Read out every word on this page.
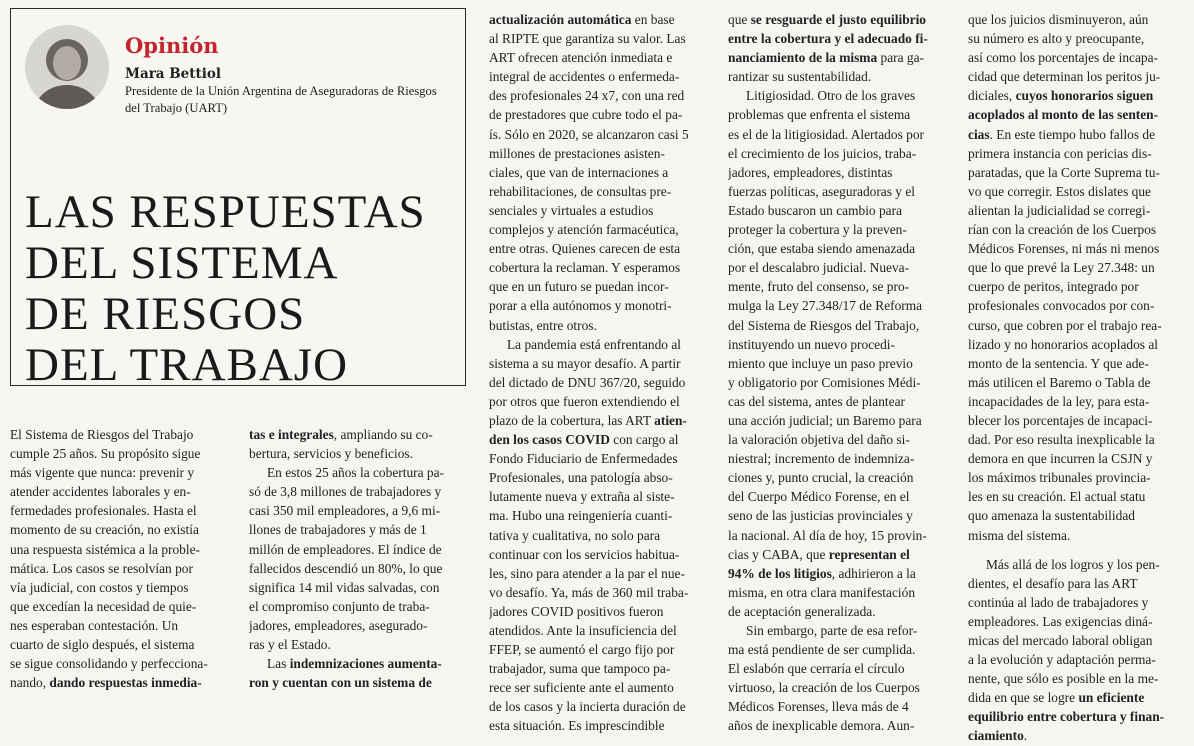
Opinión
Mara Bettiol
Presidente de la Unión Argentina de Aseguradoras de Riesgos del Trabajo (UART)
LAS RESPUESTAS
DEL SISTEMA
DE RIESGOS
DEL TRABAJO

El Sistema de Riesgos del Trabajo

cumple 25 años. Su propósito sigue

más vigente que nunca: prevenir y

atender accidentes laborales y en-

fermedades profesionales. Hasta el

momento de su creación, no existía

una respuesta sistémica a la proble-

mática. Los casos se resolvían por

vía judicial, con costos y tiempos

que excedían la necesidad de quie-

nes esperaban contestación. Un

cuarto de siglo después, el sistema

se sigue consolidando y perfecciona-

nando, dando respuestas inmedia-

tas e integrales, ampliando su co-

bertura, servicios y beneficios.

En estos 25 años la cobertura pa-

só de 3,8 millones de trabajadores y

casi 350 mil empleadores, a 9,6 mi-

llones de trabajadores y más de 1

millón de empleadores. El índice de

fallecidos descendió un 80%, lo que

significa 14 mil vidas salvadas, con

el compromiso conjunto de traba-

jadores, empleadores, asegurado-

ras y el Estado.

Las indemnizaciones aumenta-

ron y cuentan con un sistema de

actualización automática en base

al RIPTE que garantiza su valor. Las

ART ofrecen atención inmediata e

integral de accidentes o enfermeda-

des profesionales 24 x7, con una red

de prestadores que cubre todo el pa-

ís. Sólo en 2020, se alcanzaron casi 5

millones de prestaciones asisten-

ciales, que van de internaciones a

rehabilitaciones, de consultas pre-

senciales y virtuales a estudios

complejos y atención farmacéutica,

entre otras. Quienes carecen de esta

cobertura la reclaman. Y esperamos

que en un futuro se puedan incor-

porar a ella autónomos y monotri-

butistas, entre otros.

La pandemia está enfrentando al

sistema a su mayor desafío. A partir

del dictado de DNU 367/20, seguido

por otros que fueron extendiendo el

plazo de la cobertura, las ART atien-

den los casos COVID con cargo al

Fondo Fiduciario de Enfermedades

Profesionales, una patología abso-

lutamente nueva y extraña al siste-

ma. Hubo una reingeniería cuanti-

tativa y cualitativa, no solo para

continuar con los servicios habitua-

les, sino para atender a la par el nue-

vo desafío. Ya, más de 360 mil traba-

jadores COVID positivos fueron

atendidos. Ante la insuficiencia del

FFEP, se aumentó el cargo fijo por

trabajador, suma que tampoco pa-

rece ser suficiente ante el aumento

de los casos y la incierta duración de

esta situación. Es imprescindible

que se resguarde el justo equilibrio

entre la cobertura y el adecuado fi-

nanciamiento de la misma para ga-

rantizar su sustentabilidad.

Litigiosidad. Otro de los graves

problemas que enfrenta el sistema

es el de la litigiosidad. Alertados por

el crecimiento de los juicios, traba-

jadores, empleadores, distintas

fuerzas políticas, aseguradoras y el

Estado buscaron un cambio para

proteger la cobertura y la preven-

ción, que estaba siendo amenazada

por el descalabro judicial. Nueva-

mente, fruto del consenso, se pro-

mulga la Ley 27.348/17 de Reforma

del Sistema de Riesgos del Trabajo,

instituyendo un nuevo procedi-

miento que incluye un paso previo

y obligatorio por Comisiones Médi-

cas del sistema, antes de plantear

una acción judicial; un Baremo para

la valoración objetiva del daño si-

niestral; incremento de indemniza-

ciones y, punto crucial, la creación

del Cuerpo Médico Forense, en el

seno de las justicias provinciales y

la nacional. Al día de hoy, 15 provin-

cias y CABA, que representan el

94% de los litigios, adhirieron a la

misma, en otra clara manifestación

de aceptación generalizada.

Sin embargo, parte de esa refor-

ma está pendiente de ser cumplida.

El eslabón que cerraría el círculo

virtuoso, la creación de los Cuerpos

Médicos Forenses, lleva más de 4

años de inexplicable demora. Aun-

que los juicios disminuyeron, aún

su número es alto y preocupante,

así como los porcentajes de incapa-

cidad que determinan los peritos ju-

diciales, cuyos honorarios siguen

acoplados al monto de las senten-

cias. En este tiempo hubo fallos de

primera instancia con pericias dis-

paratadas, que la Corte Suprema tu-

vo que corregir. Estos dislates que

alientan la judicialidad se corregi-

rían con la creación de los Cuerpos

Médicos Forenses, ni más ni menos

que lo que prevé la Ley 27.348: un

cuerpo de peritos, integrado por

profesionales convocados por con-

curso, que cobren por el trabajo rea-

lizado y no honorarios acoplados al

monto de la sentencia. Y que ade-

más utilicen el Baremo o Tabla de

incapacidades de la ley, para esta-

blecer los porcentajes de incapaci-

dad. Por eso resulta inexplicable la

demora en que incurren la CSJN y

los máximos tribunales provincia-

les en su creación. El actual statu

quo amenaza la sustentabilidad

misma del sistema.

Más allá de los logros y los pen-

dientes, el desafío para las ART

continúa al lado de trabajadores y

empleadores. Las exigencias diná-

micas del mercado laboral obligan

a la evolución y adaptación perma-

nente, que sólo es posible en la me-

dida en que se logre un eficiente

equilibrio entre cobertura y finan-

ciamiento.
